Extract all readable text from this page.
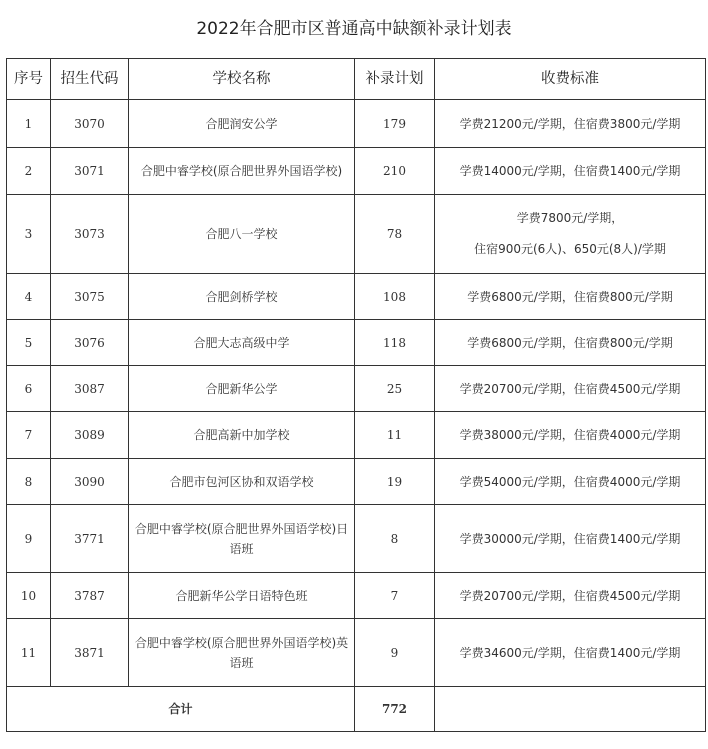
2022年合肥市区普通高中缺额补录计划表
序号	招生代码	学校名称	补录计划	收费标准
1	3070	合肥润安公学	179	学费21200元/学期，住宿费3800元/学期
2	3071	合肥中睿学校(原合肥世界外国语学校)	210	学费14000元/学期，住宿费1400元/学期
3	3073	合肥八一学校	78	学费7800元/学期，
住宿900元(6人)、650元(8人)/学期

4	3075	合肥剑桥学校	108	学费6800元/学期，住宿费800元/学期
5	3076	合肥大志高级中学	118	学费6800元/学期，住宿费800元/学期
6	3087	合肥新华公学	25	学费20700元/学期，住宿费4500元/学期
7	3089	合肥高新中加学校	11	学费38000元/学期，住宿费4000元/学期
8	3090	合肥市包河区协和双语学校	19	学费54000元/学期，住宿费4000元/学期
9	3771	合肥中睿学校(原合肥世界外国语学校)日语班	8	学费30000元/学期，住宿费1400元/学期
10	3787	合肥新华公学日语特色班	7	学费20700元/学期，住宿费4500元/学期
11	3871	合肥中睿学校(原合肥世界外国语学校)英语班	9	学费34600元/学期，住宿费1400元/学期
合计			772	
